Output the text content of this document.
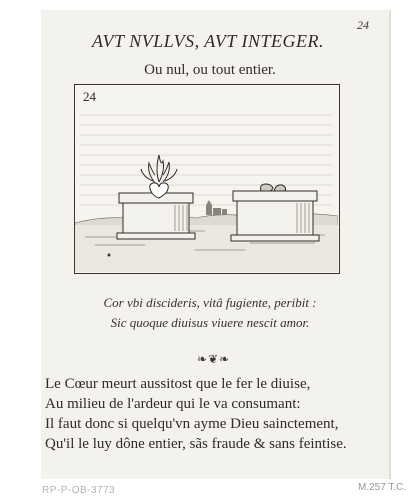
24
AVT NVLLVS, AVT INTEGER.
Ou nul, ou tout entier.
24
Cor vbi discideris, vitâ fugiente, peribit :
Sic quoque diuisus viuere nescit amor.
❧❦❧
Le Cœur meurt aussitost que le fer le diuise,
Au milieu de l'ardeur qui le va consumant:
Il faut donc si quelqu'vn ayme Dieu sainctement,
Qu'il le luy dône entier, sãs fraude & sans feintise.
RP-P-OB-3773	M.257 T.C.
